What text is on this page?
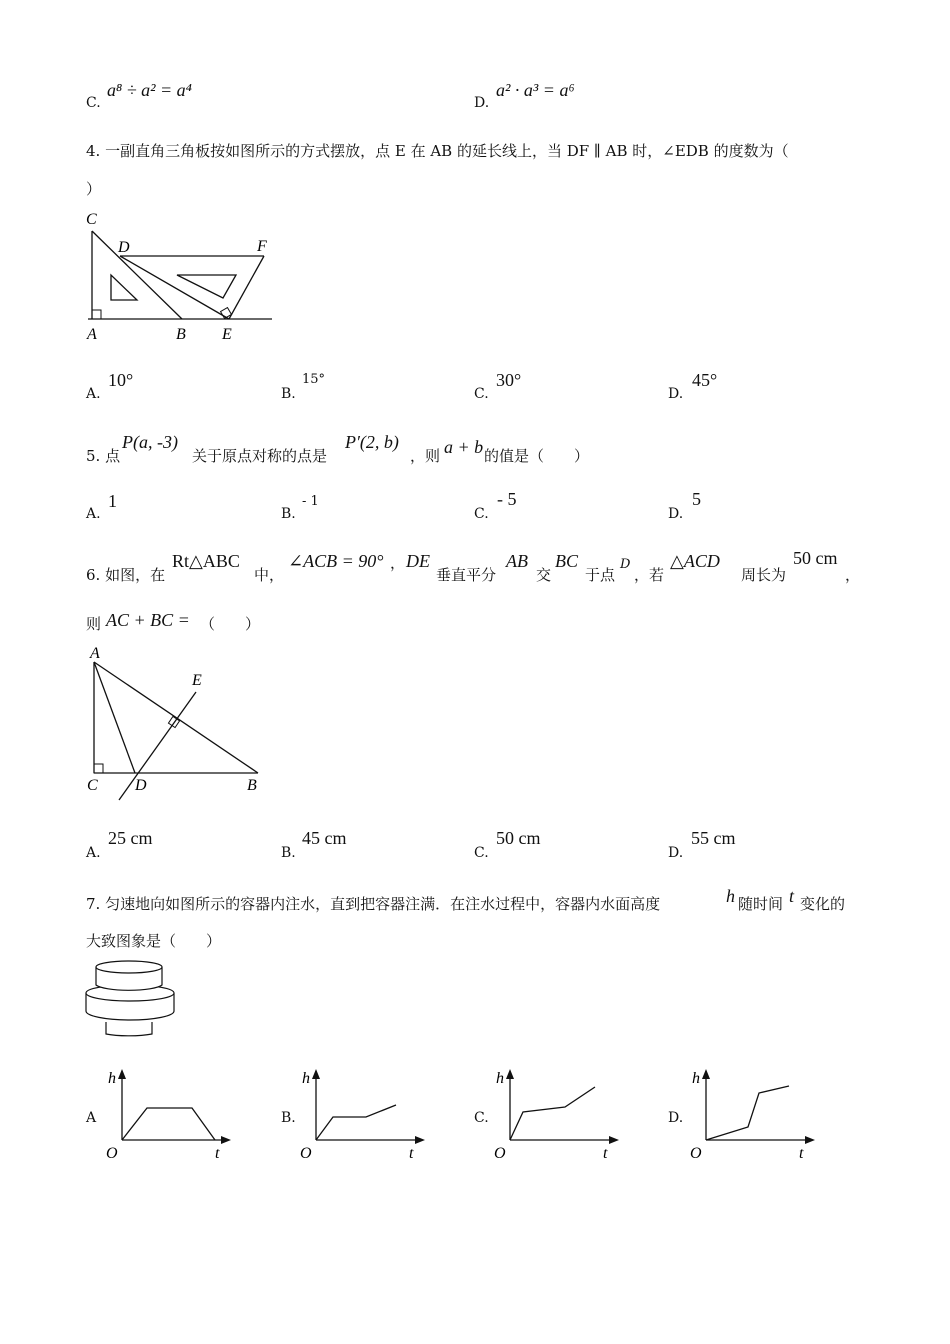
C.
a⁸ ÷ a² = a⁴
D.
a² · a³ = a⁶
4. 一副直角三角板按如图所示的方式摆放，点 E 在 AB 的延长线上，当 DF ∥ AB 时，∠EDB 的度数为（
）
C
D	F
A	B E
A.
10°
B.
15°
C.
30°
D.
45°
5. 点
P(a, -3)
关于原点对称的点是
P′(2, b)
，则 a + b 的值是（　　）
A.
1
B.
- 1
C.
- 5
D.
5
6. 如图，在
Rt△ABC
中，
∠ACB = 90° ， DE
垂直平分
AB
交
BC
于点
D
，若
△ACD
周长为
50 cm
，
则 AC + BC = （　　）
A
E
C D	B
A.
25 cm
B.
45 cm
C.
50 cm
D.
55 cm
7. 匀速地向如图所示的容器内注水，直到把容器注满．在注水过程中，容器内水面高度	h 随时间 t 变化的
大致图象是（　　）
A
h
t
O
B.
h
t
O
C.
h
t
O
D.
h
t
O
